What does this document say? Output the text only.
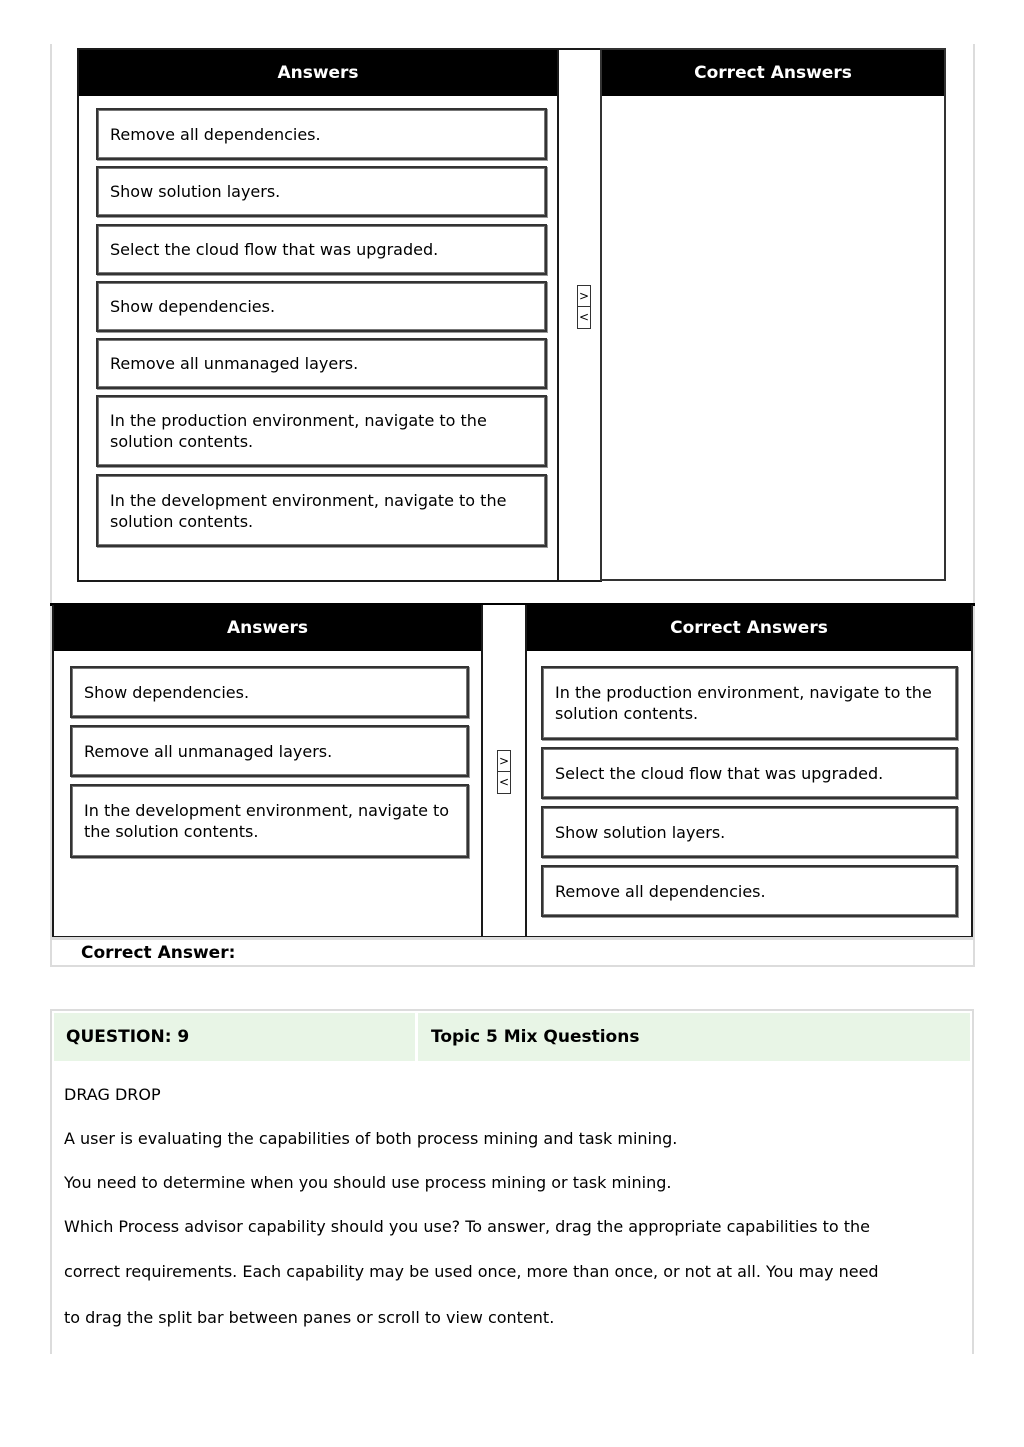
Answers
Remove all dependencies.
Show solution layers.
Select the cloud flow that was upgraded.
Show dependencies.
Remove all unmanaged layers.
In the production environment, navigate to the solution contents.
In the development environment, navigate to the solution contents.
>
<
Correct Answers
Answers
Show dependencies.
Remove all unmanaged layers.
In the development environment, navigate to the solution contents.
>
<
Correct Answers
In the production environment, navigate to the solution contents.
Select the cloud flow that was upgraded.
Show solution layers.
Remove all dependencies.
Correct Answer:
QUESTION: 9	Topic 5 Mix Questions
DRAG DROP
A user is evaluating the capabilities of both process mining and task mining.
You need to determine when you should use process mining or task mining.
Which Process advisor capability should you use? To answer, drag the appropriate capabilities to the
correct requirements. Each capability may be used once, more than once, or not at all. You may need
to drag the split bar between panes or scroll to view content.
